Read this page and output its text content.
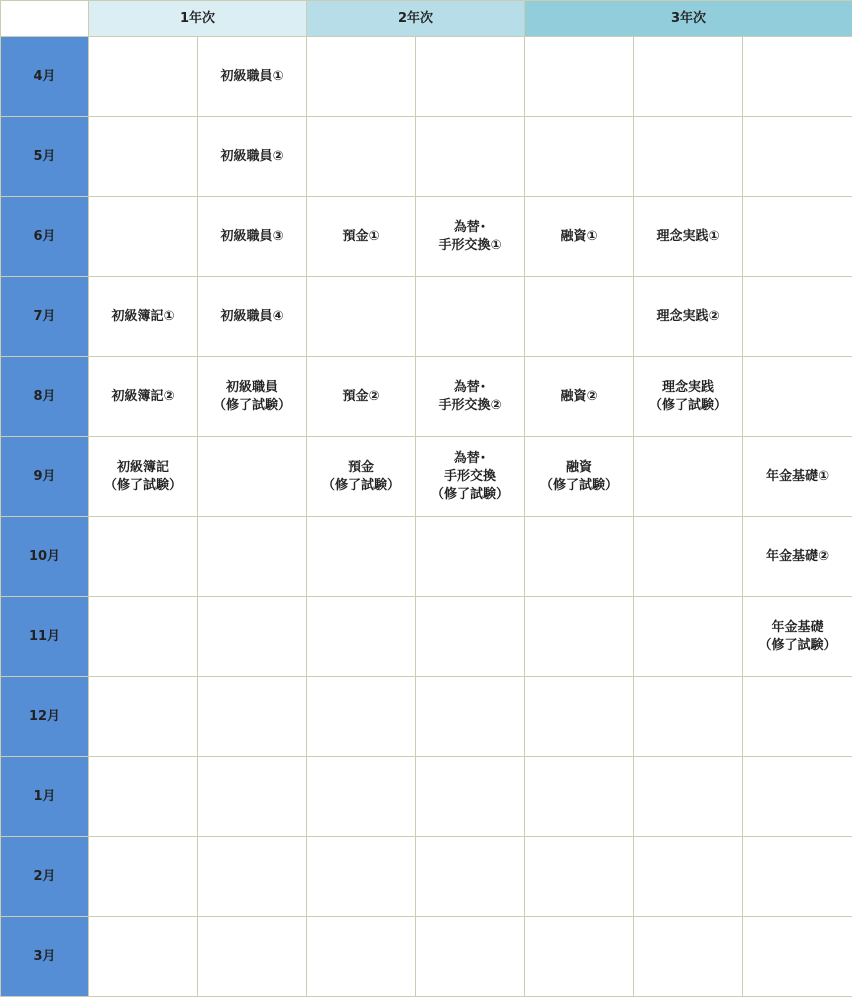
	1年次		2年次		3年次		
4月		初級職員①					
5月		初級職員②					
6月		初級職員③	預金①	為替･
手形交換①	融資①	理念実践①	
7月	初級簿記①	初級職員④				理念実践②	
8月	初級簿記②	初級職員
（修了試験）	預金②	為替･
手形交換②	融資②	理念実践
（修了試験）	
9月	初級簿記
（修了試験）		預金
（修了試験）	為替･
手形交換
（修了試験）	融資
（修了試験）		年金基礎①
10月							年金基礎②
11月							年金基礎
（修了試験）
12月							
1月							
2月							
3月							
